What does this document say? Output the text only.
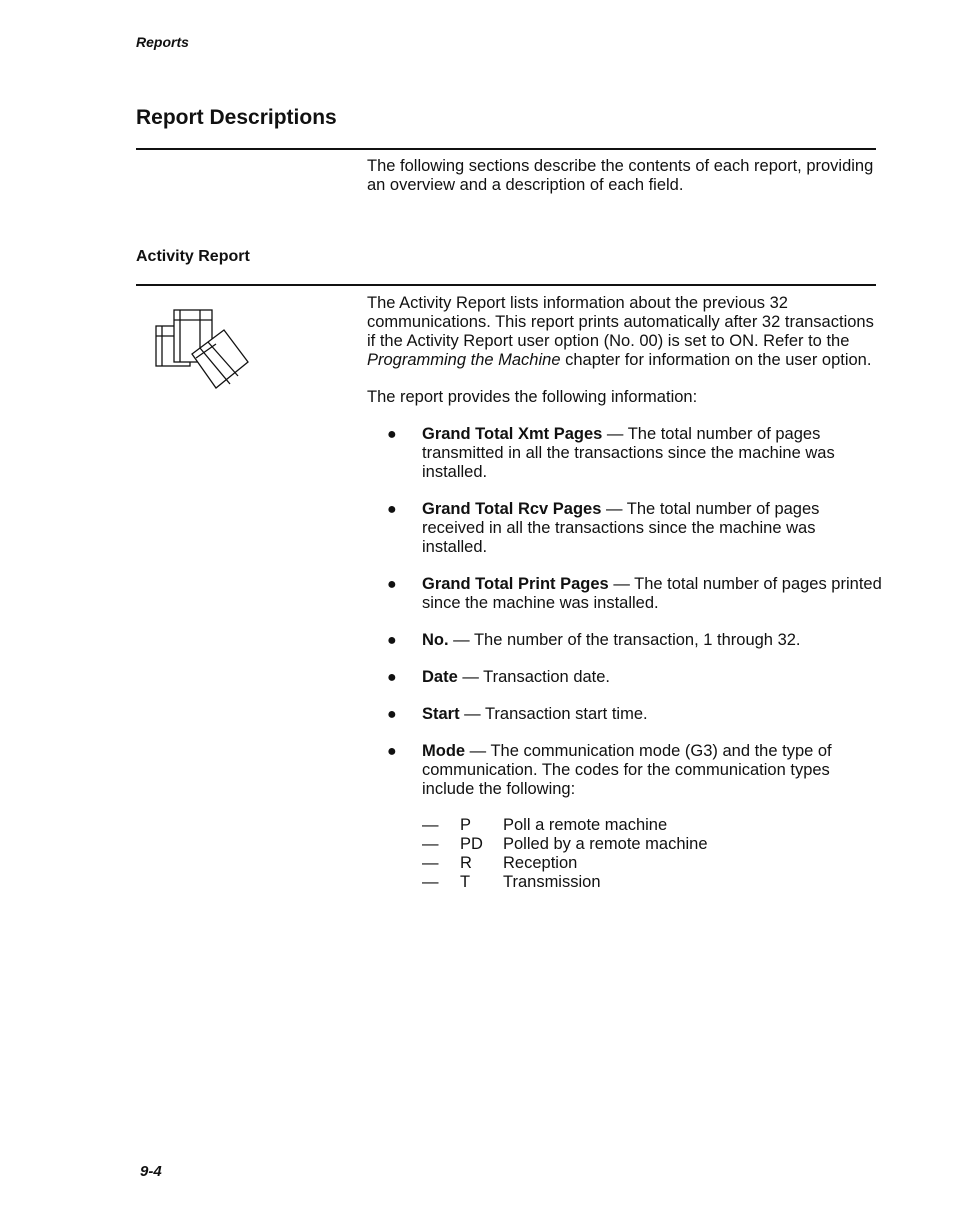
Reports
Report Descriptions
The following sections describe the contents of each report, providing an overview and a description of each field.
Activity Report

The Activity Report lists information about the previous 32 communications. This report prints automatically after 32 transactions if the Activity Report user option (No. 00) is set to ON. Refer to the Programming the Machine chapter for information on the user option.

The report provides the following information:

● Grand Total Xmt Pages — The total number of pages transmitted in all the transactions since the machine was installed.
● Grand Total Rcv Pages — The total number of pages received in all the transactions since the machine was installed.
● Grand Total Print Pages — The total number of pages printed since the machine was installed.
● No. — The number of the transaction, 1 through 32.
● Date — Transaction date.
● Start — Transaction start time.
● Mode — The communication mode (G3) and the type of communication. The codes for the communication types include the following:
—	P	Poll a remote machine
—	PD	Polled by a remote machine
—	R	Reception
—	T	Transmission
9-4
